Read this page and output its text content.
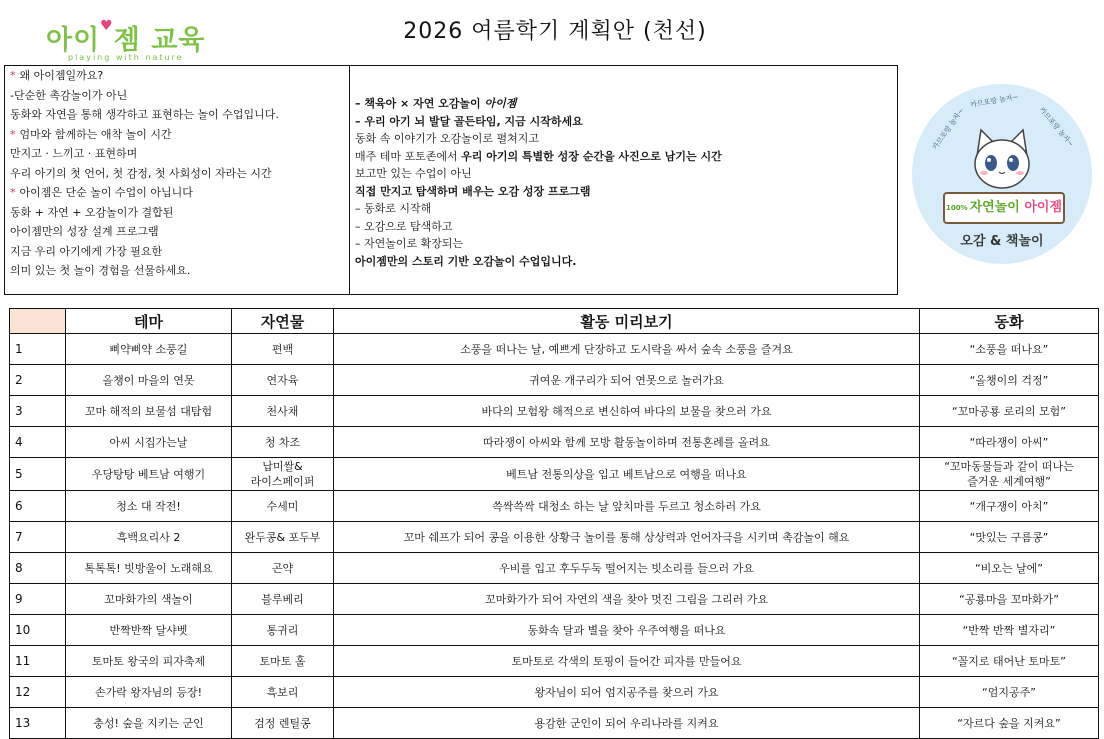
아이♥젬 교육
playing with nature
2026 여름학기 계획안 (천선)
* 왜 아이젬일까요?
-단순한 촉감놀이가 아닌
동화와 자연을 통해 생각하고 표현하는 놀이 수업입니다.
* 엄마와 함께하는 애착 놀이 시간
만지고 · 느끼고 · 표현하며
우리 아기의 첫 언어, 첫 감정, 첫 사회성이 자라는 시간
* 아이젬은 단순 놀이 수업이 아닙니다
동화 + 자연 + 오감놀이가 결합된
아이젬만의 성장 설계 프로그램
지금 우리 아기에게 가장 필요한
의미 있는 첫 놀이 경험을 선물하세요.
– 책육아 × 자연 오감놀이 아이젬
– 우리 아기 뇌 발달 골든타임, 지금 시작하세요
동화 속 이야기가 오감놀이로 펼쳐지고
매주 테마 포토존에서 우리 아기의 특별한 성장 순간을 사진으로 남기는 시간
보고만 있는 수업이 아닌
직접 만지고 탐색하며 배우는 오감 성장 프로그램
– 동화로 시작해
– 오감으로 탐색하고
– 자연놀이로 확장되는
아이젬만의 스토리 기반 오감놀이 수업입니다.
카므포랑 놀자~
카므포랑 놀자~
카므포랑 놀자~
$^{100\%}$ 자연놀이 아이젬
오감 & 책놀이
	테마	자연물	활동 미리보기	동화
1	삐약삐약 소풍길	편백	소풍을 떠나는 날, 예쁘게 단장하고 도시락을 싸서 숲속 소풍을 즐겨요	“소풍을 떠나요”
2	올챙이 마을의 연못	연자육	귀여운 개구리가 되어 연못으로 놀러가요	“올챙이의 걱정”
3	꼬마 해적의 보물섬 대탐험	천사채	바다의 모험왕 해적으로 변신하여 바다의 보물을 찾으러 가요	“꼬마공룡 로리의 모험”
4	아씨 시집가는날	청 차조	따라쟁이 아씨와 함께 모방 활동놀이하며 전통혼례를 올려요	“따라쟁이 아씨”
5	우당탕탕 베트남 여행기	납미쌀&
라이스페이퍼	베트남 전통의상을 입고 베트남으로 여행을 떠나요	“꼬마동물들과 같이 떠나는
즐거운 세계여행”
6	청소 대 작전!	수세미	쓱싹쓱싹 대청소 하는 날 앞치마를 두르고 청소하러 가요	“개구쟁이 아치”
7	흑백요리사 2	완두콩& 포두부	꼬마 쉐프가 되어 콩을 이용한 상황극 놀이를 통해 상상력과 언어자극을 시키며 촉감놀이 해요	“맛있는 구름콩”
8	톡톡톡! 빗방울이 노래해요	곤약	우비를 입고 후두두둑 떨어지는 빗소리를 들으러 가요	“비오는 날에”
9	꼬마화가의 색놀이	블루베리	꼬마화가가 되어 자연의 색을 찾아 멋진 그림을 그리러 가요	“공룡마을 꼬마화가”
10	반짝반짝 달샤벳	통귀리	동화속 달과 별을 찾아 우주여행을 떠나요	“반짝 반짝 별자리”
11	토마토 왕국의 피자축제	토마토 홀	토마토로 각색의 토핑이 들어간 피자를 만들어요	“꼴지로 태어난 토마토”
12	손가락 왕자님의 등장!	흑보리	왕자님이 되어 엄지공주를 찾으러 가요	“엄지공주”
13	충성! 숲을 지키는 군인	검정 렌틸콩	용감한 군인이 되어 우리나라를 지켜요	“자르다 숲을 지켜요”
